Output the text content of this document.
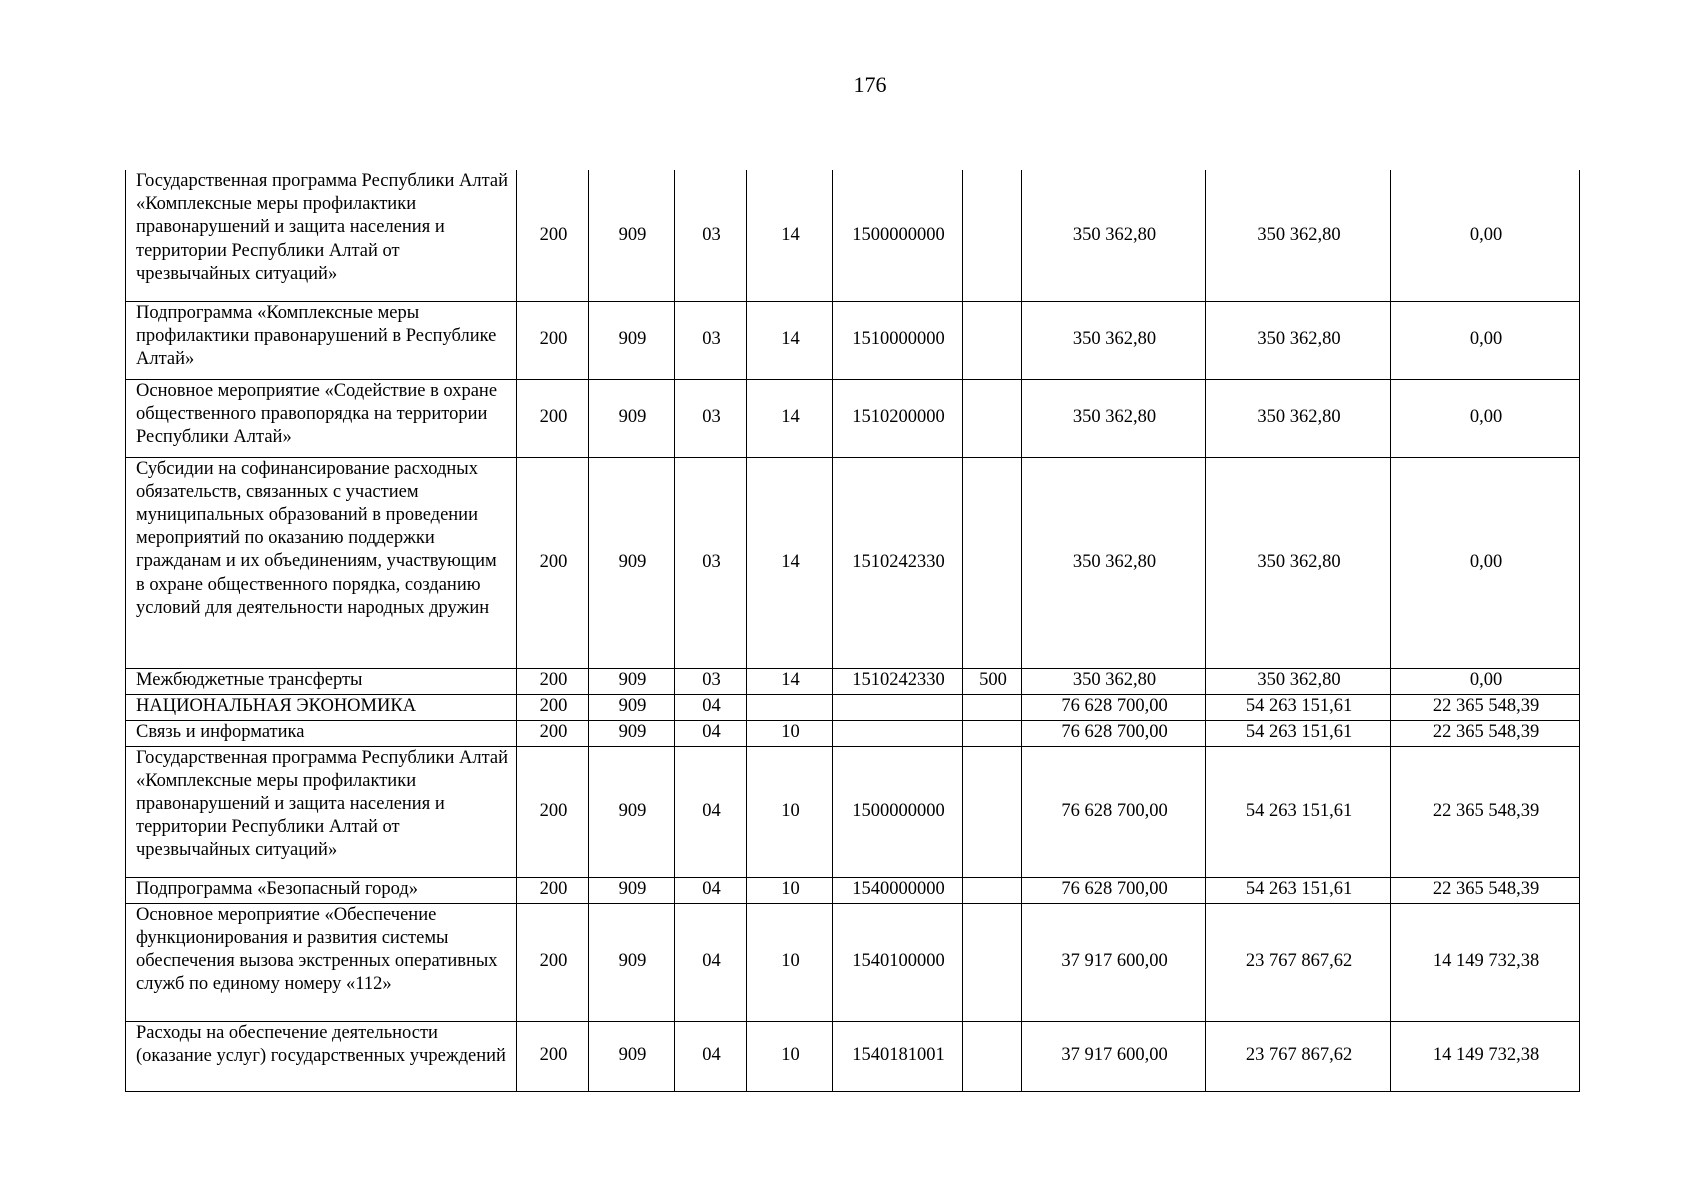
176
Государственная программа Республики Алтай «Комплексные меры профилактики правонарушений и защита населения и территории Республики Алтай от чрезвычайных ситуаций»	200	909	03	14	1500000000		350 362,80	350 362,80	0,00
Подпрограмма «Комплексные меры профилактики правонарушений в Республике Алтай»	200	909	03	14	1510000000		350 362,80	350 362,80	0,00
Основное мероприятие «Содействие в охране общественного правопорядка на территории Республики Алтай»	200	909	03	14	1510200000		350 362,80	350 362,80	0,00
Субсидии на софинансирование расходных обязательств, связанных с участием муниципальных образований в проведении мероприятий по оказанию поддержки гражданам и их объединениям, участвующим в охране общественного порядка, созданию условий для деятельности народных дружин	200	909	03	14	1510242330		350 362,80	350 362,80	0,00
Межбюджетные трансферты	200	909	03	14	1510242330	500	350 362,80	350 362,80	0,00
НАЦИОНАЛЬНАЯ ЭКОНОМИКА	200	909	04				76 628 700,00	54 263 151,61	22 365 548,39
Связь и информатика	200	909	04	10			76 628 700,00	54 263 151,61	22 365 548,39
Государственная программа Республики Алтай «Комплексные меры профилактики правонарушений и защита населения и территории Республики Алтай от чрезвычайных ситуаций»	200	909	04	10	1500000000		76 628 700,00	54 263 151,61	22 365 548,39
Подпрограмма «Безопасный город»	200	909	04	10	1540000000		76 628 700,00	54 263 151,61	22 365 548,39
Основное мероприятие «Обеспечение функционирования и развития системы обеспечения вызова экстренных оперативных служб по единому номеру «112»	200	909	04	10	1540100000		37 917 600,00	23 767 867,62	14 149 732,38
Расходы на обеспечение деятельности (оказание услуг) государственных учреждений	200	909	04	10	1540181001		37 917 600,00	23 767 867,62	14 149 732,38
